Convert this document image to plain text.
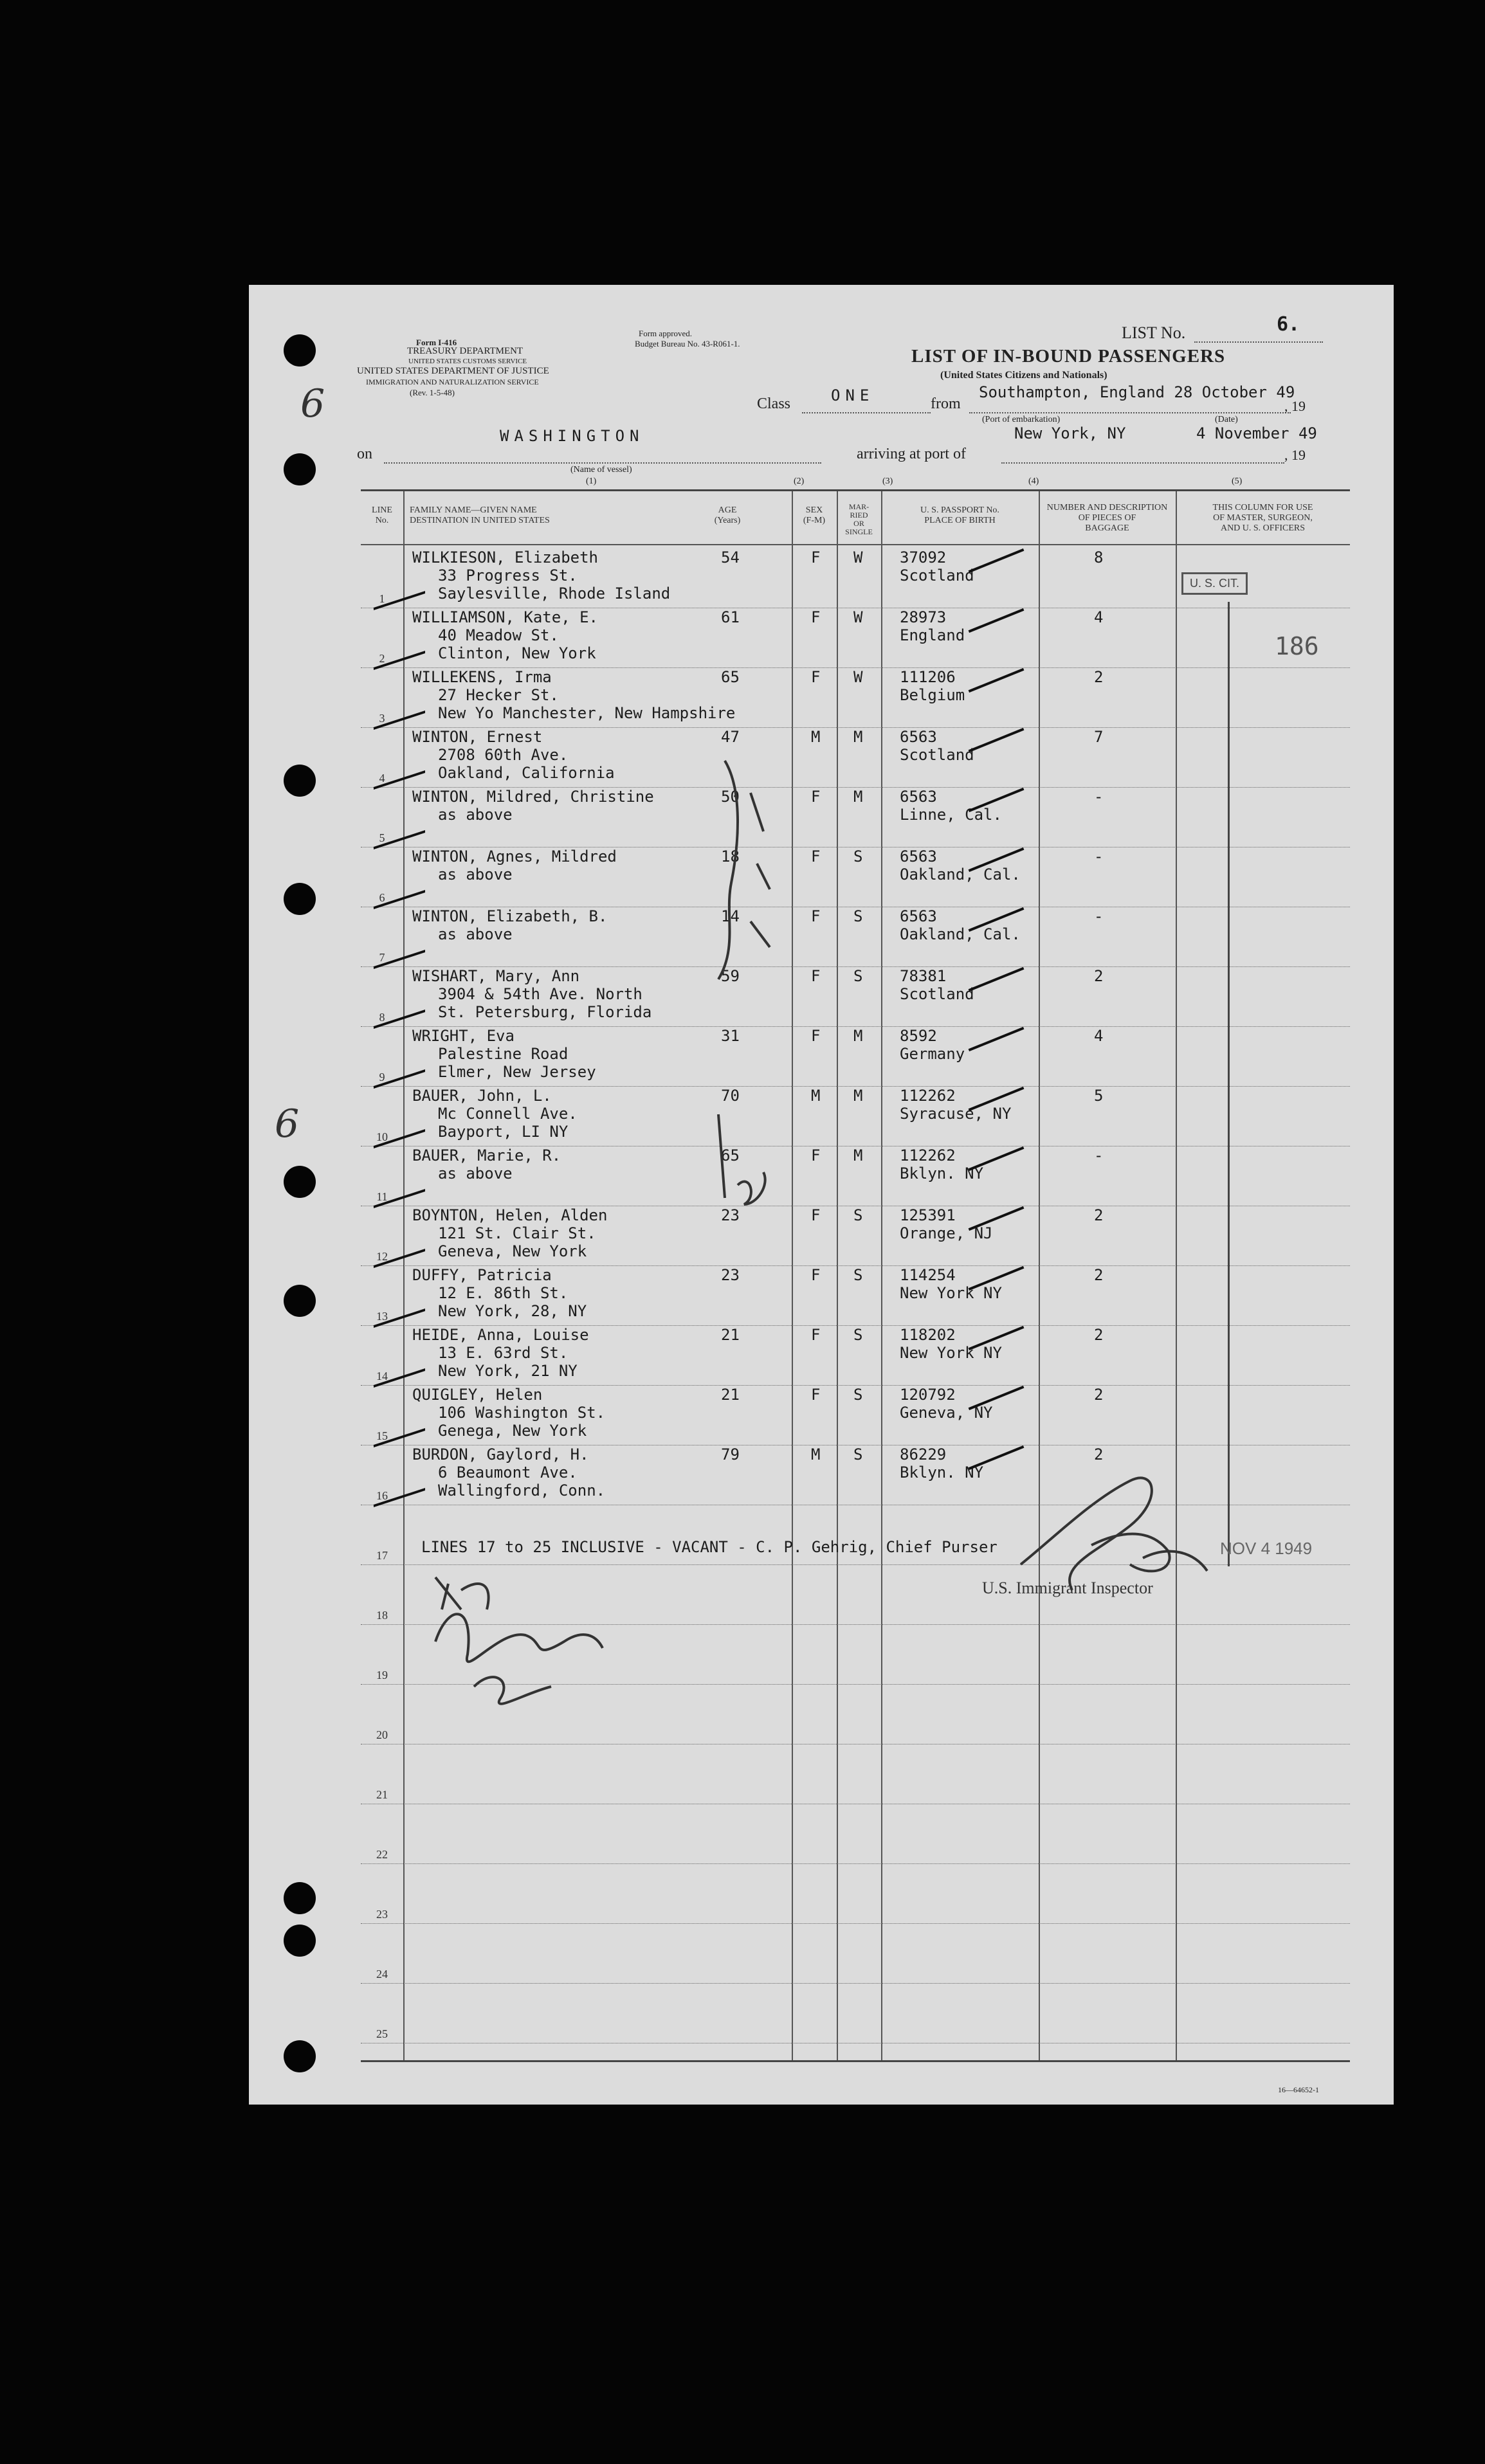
6
6
Form I-416
TREASURY DEPARTMENT
UNITED STATES CUSTOMS SERVICE
Form approved.
Budget Bureau No. 43-R061-1.
UNITED STATES DEPARTMENT OF JUSTICE
IMMIGRATION AND NATURALIZATION SERVICE
(Rev. 1-5-48)
LIST No.	6.
LIST OF IN-BOUND PASSENGERS
(United States Citizens and Nationals)
Class	ONE	from
Southampton, England 28 October 49
, 19
(Port of embarkation)	(Date)
on
WASHINGTON
(Name of vessel)
arriving at port of
New York, NY	4 November 49
, 19
(1)	(2)	(3)	(4)	(5)
LINE
No.
FAMILY NAME—GIVEN NAME
DESTINATION IN UNITED STATES
AGE
(Years)
SEX
(F-M)
MAR-
RIED
OR
SINGLE
U. S. PASSPORT No.
PLACE OF BIRTH
NUMBER AND DESCRIPTION
OF PIECES OF
BAGGAGE
THIS COLUMN FOR USE
OF MASTER, SURGEON,
AND U. S. OFFICERS
WILKIESON, Elizabeth
33 Progress St.
Saylesville, Rhode Island
54	F W 37092
Scotland
8
1
WILLIAMSON, Kate, E.
40 Meadow St.
Clinton, New York
61	F W 28973
England
4
2
WILLEKENS, Irma
27 Hecker St.
New Yo Manchester, New Hampshire
65	F W 111206
Belgium
2
3
WINTON, Ernest
2708 60th Ave.
Oakland, California
47	M M 6563
Scotland
7
4
WINTON, Mildred, Christine
as above
50	F M 6563
Linne, Cal.
-
5
WINTON, Agnes, Mildred
as above
18	F S 6563
Oakland, Cal.
-
6
WINTON, Elizabeth, B.
as above
14	F S 6563
Oakland, Cal.
-
7
WISHART, Mary, Ann
3904 & 54th Ave. North
St. Petersburg, Florida
59	F S 78381
Scotland
2
8
WRIGHT, Eva
Palestine Road
Elmer, New Jersey
31	F M 8592
Germany
4
9
BAUER, John, L.
Mc Connell Ave.
Bayport, LI NY
70	M M 112262
Syracuse, NY
5
10
BAUER, Marie, R.
as above
65	F M 112262
Bklyn. NY
-
11
BOYNTON, Helen, Alden
121 St. Clair St.
Geneva, New York
23	F S 125391
Orange, NJ
2
12
DUFFY, Patricia
12 E. 86th St.
New York, 28, NY
23	F S 114254
New York NY
2
13
HEIDE, Anna, Louise
13 E. 63rd St.
New York, 21 NY
21	F S 118202
New York NY
2
14
QUIGLEY, Helen
106 Washington St.
Genega, New York
21	F S 120792
Geneva, NY
2
15
BURDON, Gaylord, H.
6 Beaumont Ave.
Wallingford, Conn.
79	M S 86229
Bklyn. NY
2
16
17
18
19
20
21
22
23
24
25
LINES 17 to 25 INCLUSIVE - VACANT - C. P. Gehrig, Chief Purser
U. S. CIT.
186
NOV 4 1949
U.S. Immigrant Inspector
16—64652-1
